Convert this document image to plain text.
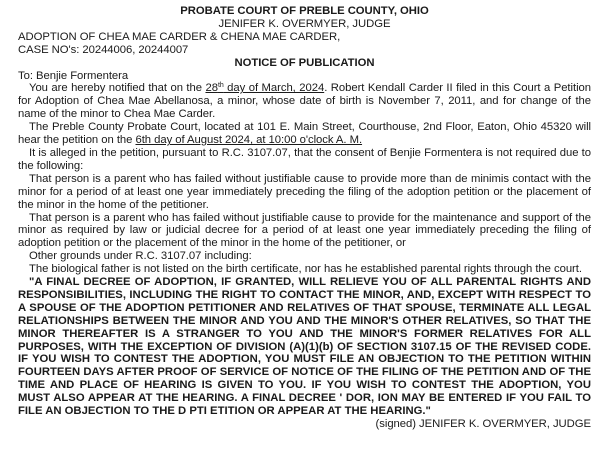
PROBATE COURT OF PREBLE COUNTY, OHIO

JENIFER K. OVERMYER, JUDGE

ADOPTION OF CHEA MAE CARDER & CHENA MAE CARDER,

CASE NO's: 20244006, 20244007

NOTICE OF PUBLICATION

To: Benjie Formentera

You are hereby notified that on the 28th day of March, 2024. Robert Kendall Carder II filed in this Court a Petition for Adoption of Chea Mae Abellanosa, a minor, whose date of birth is November 7, 2011, and for change of the name of the minor to Chea Mae Carder.

The Preble County Probate Court, located at 101 E. Main Street, Courthouse, 2nd Floor, Eaton, Ohio 45320 will hear the petition on the 6th day of August 2024, at 10:00 o'clock A. M.

It is alleged in the petition, pursuant to R.C. 3107.07, that the consent of Benjie Formentera is not required due to the following:

That person is a parent who has failed without justifiable cause to provide more than de minimis contact with the minor for a period of at least one year immediately preceding the filing of the adoption petition or the placement of the minor in the home of the petitioner.

That person is a parent who has failed without justifiable cause to provide for the maintenance and support of the minor as required by law or judicial decree for a period of at least one year immediately preceding the filing of adoption petition or the placement of the minor in the home of the petitioner, or

Other grounds under R.C. 3107.07 including:

The biological father is not listed on the birth certificate, nor has he established parental rights through the court.

"A FINAL DECREE OF ADOPTION, IF GRANTED, WILL RELIEVE YOU OF ALL PARENTAL RIGHTS AND RESPONSIBILITIES, INCLUDING THE RIGHT TO CONTACT THE MINOR, AND, EXCEPT WITH RESPECT TO A SPOUSE OF THE ADOPTION PETITIONER AND RELATIVES OF THAT SPOUSE, TERMINATE ALL LEGAL RELATIONSHIPS BETWEEN THE MINOR AND YOU AND THE MINOR'S OTHER RELATIVES, SO THAT THE MINOR THEREAFTER IS A STRANGER TO YOU AND THE MINOR'S FORMER RELATIVES FOR ALL PURPOSES, WITH THE EXCEPTION OF DIVISION (A)(1)(b) OF SECTION 3107.15 OF THE REVISED CODE. IF YOU WISH TO CONTEST THE ADOPTION, YOU MUST FILE AN OBJECTION TO THE PETITION WITHIN FOURTEEN DAYS AFTER PROOF OF SERVICE OF NOTICE OF THE FILING OF THE PETITION AND OF THE TIME AND PLACE OF HEARING IS GIVEN TO YOU. IF YOU WISH TO CONTEST THE ADOPTION, YOU MUST ALSO APPEAR AT THE HEARING. A FINAL DECREE ' DOR, ION MAY BE ENTERED IF YOU FAIL TO FILE AN OBJECTION TO THE D PTI ETITION OR APPEAR AT THE HEARING."

(signed) JENIFER K. OVERMYER, JUDGE
